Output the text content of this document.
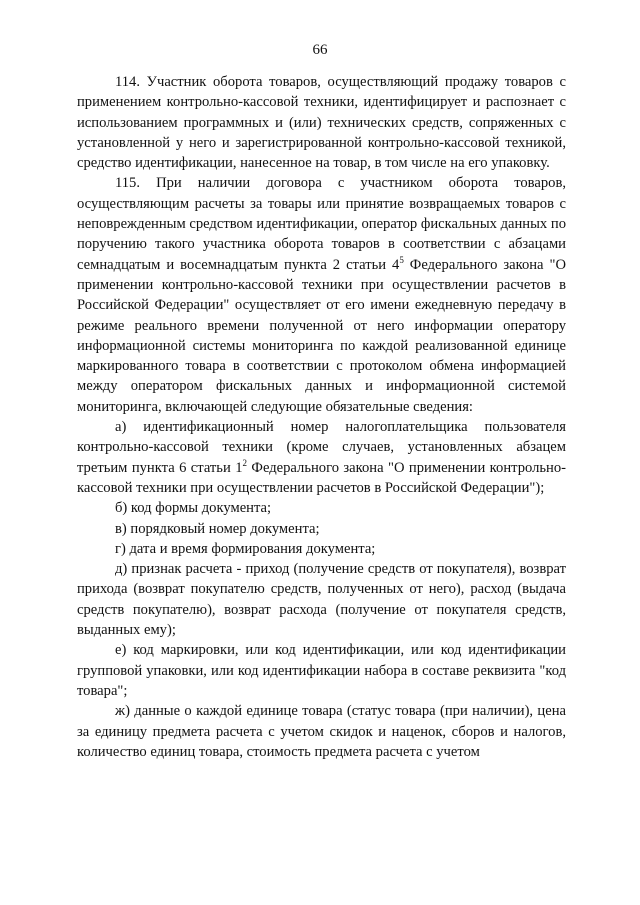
66

114. Участник оборота товаров, осуществляющий продажу товаров с применением контрольно-кассовой техники, идентифицирует и распознает с использованием программных и (или) технических средств, сопряженных с установленной у него и зарегистрированной контрольно-кассовой техникой, средство идентификации, нанесенное на товар, в том числе на его упаковку.

115. При наличии договора с участником оборота товаров, осуществляющим расчеты за товары или принятие возвращаемых товаров с неповрежденным средством идентификации, оператор фискальных данных по поручению такого участника оборота товаров в соответствии с абзацами семнадцатым и восемнадцатым пункта 2 статьи $4^5$ Федерального закона "О применении контрольно-кассовой техники при осуществлении расчетов в Российской Федерации" осуществляет от его имени ежедневную передачу в режиме реального времени полученной от него информации оператору информационной системы мониторинга по каждой реализованной единице маркированного товара в соответствии с протоколом обмена информацией между оператором фискальных данных и информационной системой мониторинга, включающей следующие обязательные сведения:

а) идентификационный номер налогоплательщика пользователя контрольно-кассовой техники (кроме случаев, установленных абзацем третьим пункта 6 статьи $1^2$ Федерального закона "О применении контрольно-кассовой техники при осуществлении расчетов в Российской Федерации");

б) код формы документа;

в) порядковый номер документа;

г) дата и время формирования документа;

д) признак расчета - приход (получение средств от покупателя), возврат прихода (возврат покупателю средств, полученных от него), расход (выдача средств покупателю), возврат расхода (получение от покупателя средств, выданных ему);

е) код маркировки, или код идентификации, или код идентификации групповой упаковки, или код идентификации набора в составе реквизита "код товара";

ж) данные о каждой единице товара (статус товара (при наличии), цена за единицу предмета расчета с учетом скидок и наценок, сборов и налогов, количество единиц товара, стоимость предмета расчета с учетом
